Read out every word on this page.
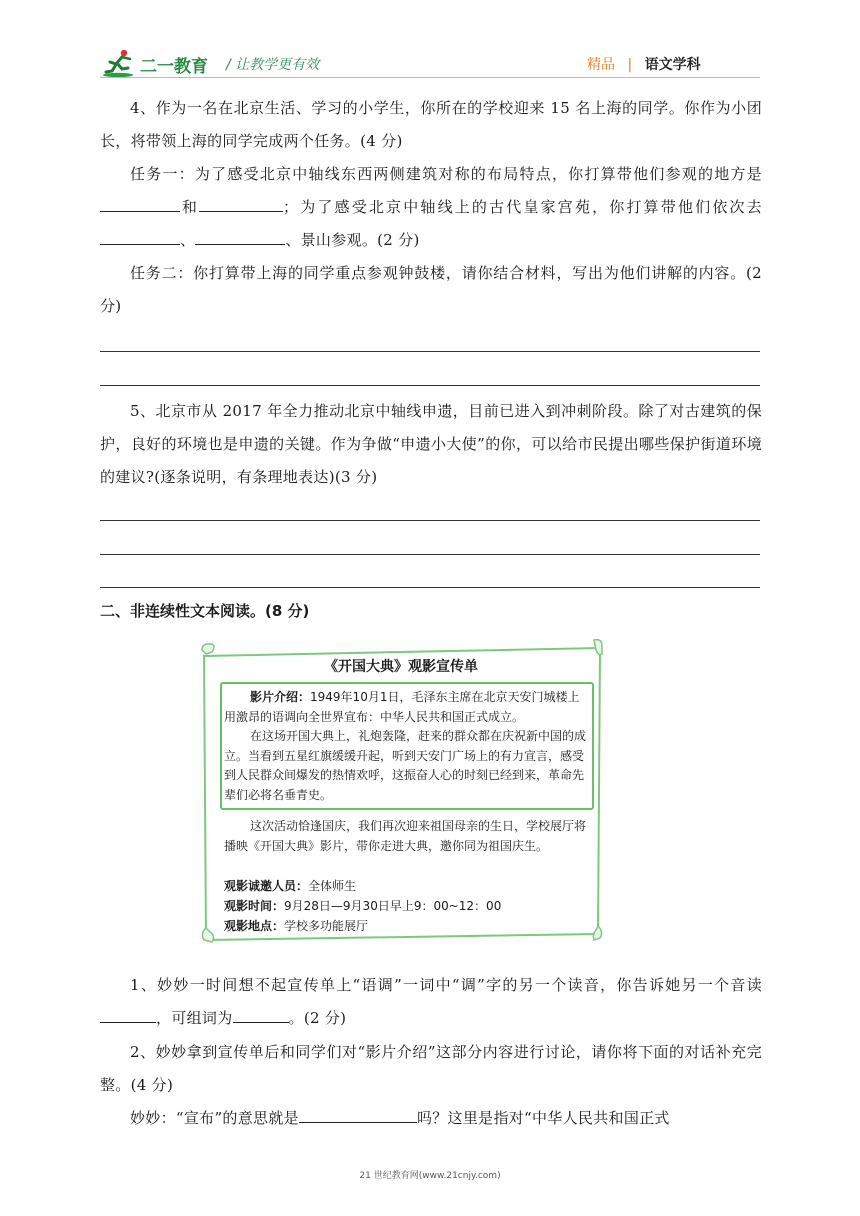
二一教育 / 让教学更有效	精品 | 语文学科

4、作为一名在北京生活、学习的小学生，你所在的学校迎来 15 名上海的同学。你作为小团长，将带领上海的同学完成两个任务。(4 分)

任务一：为了感受北京中轴线东西两侧建筑对称的布局特点，你打算带他们参观的地方是 和	；为了感受北京中轴线上的古代皇家宫苑，你打算带他们依次去、	、景山参观。(2 分)

任务二：你打算带上海的同学重点参观钟鼓楼，请你结合材料，写出为他们讲解的内容。(2 分)

5、北京市从 2017 年全力推动北京中轴线申遗，目前已进入到冲刺阶段。除了对古建筑的保护，良好的环境也是申遗的关键。作为争做“申遗小大使”的你，可以给市民提出哪些保护街道环境的建议?(逐条说明，有条理地表达)(3 分)

二、非连续性文本阅读。(8 分)
《开国大典》观影宣传单

影片介绍：1949年10月1日，毛泽东主席在北京天安门城楼上用激昂的语调向全世界宣布：中华人民共和国正式成立。

在这场开国大典上，礼炮轰隆，赶来的群众都在庆祝新中国的成立。当看到五星红旗缓缓升起，听到天安门广场上的有力宣言，感受到人民群众间爆发的热情欢呼，这振奋人心的时刻已经到来，革命先辈们必将名垂青史。

这次活动恰逢国庆，我们再次迎来祖国母亲的生日，学校展厅将播映《开国大典》影片，带你走进大典，邀你同为祖国庆生。

观影诚邀人员：全体师生
观影时间：9月28日—9月30日早上9：00~12：00
观影地点：学校多功能展厅

1、妙妙一时间想不起宣传单上“语调”一词中“调”字的另一个读音，你告诉她另一个音读，可组词为	。(2 分)

2、妙妙拿到宣传单后和同学们对“影片介绍”这部分内容进行讨论，请你将下面的对话补充完整。(4 分)

妙妙：“宣布”的意思就是	吗？这里是指对“中华人民共和国正式

21 世纪教育网(www.21cnjy.com)
